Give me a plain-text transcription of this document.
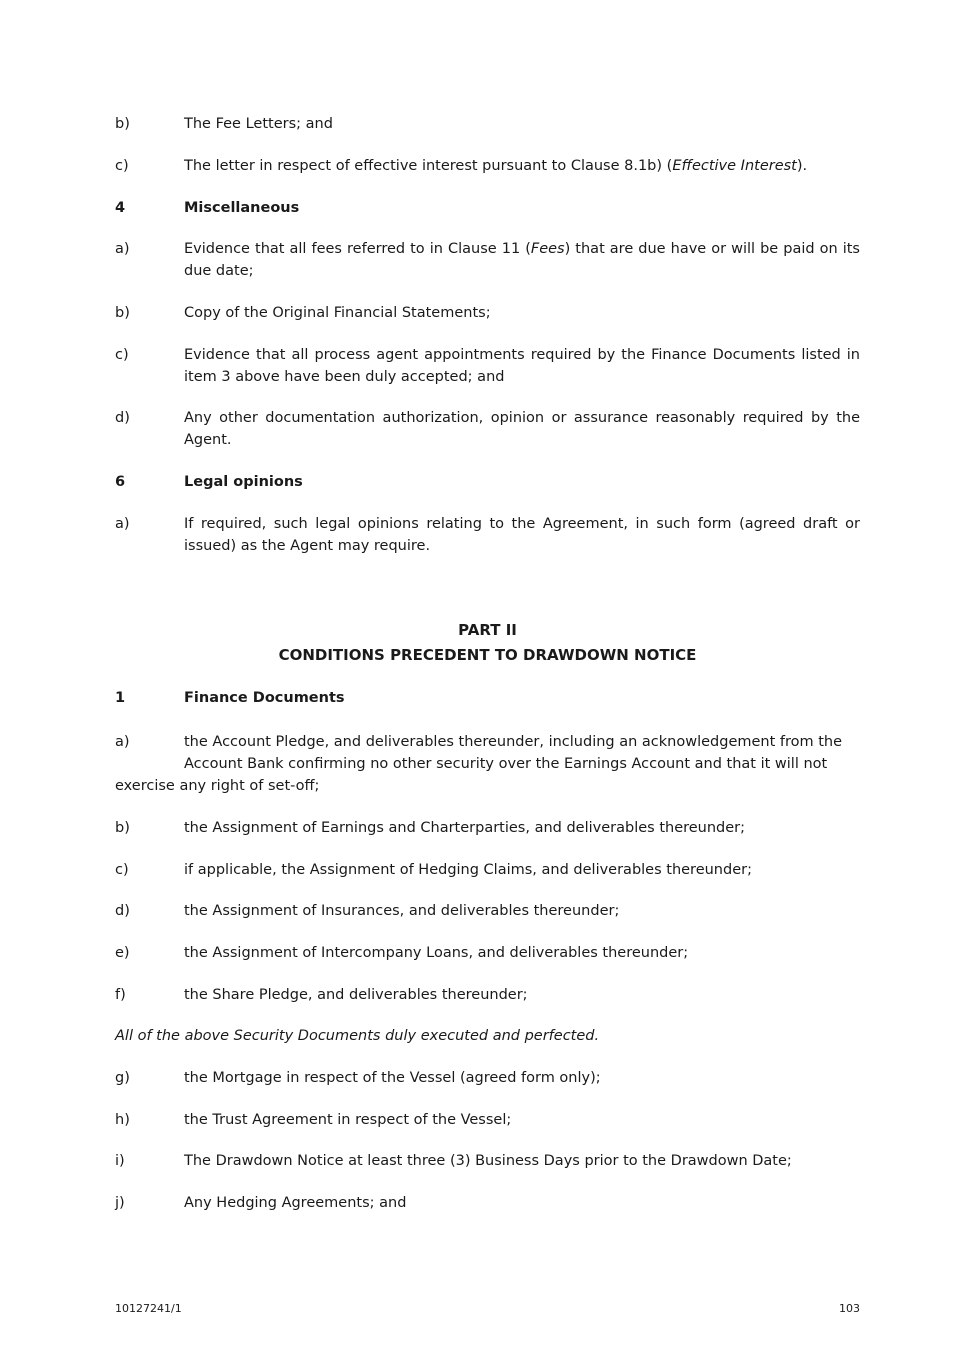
b)	The Fee Letters; and
c)	The letter in respect of effective interest pursuant to Clause 8.1b) (Effective Interest).
4	Miscellaneous
a)	Evidence that all fees referred to in Clause 11 (Fees) that are due have or will be paid on its due date;
b)	Copy of the Original Financial Statements;
c)	Evidence that all process agent appointments required by the Finance Documents listed in item 3 above have been duly accepted; and
d)	Any other documentation authorization, opinion or assurance reasonably required by the Agent.
6	Legal opinions
a)	If required, such legal opinions relating to the Agreement, in such form (agreed draft or issued) as the Agent may require.
PART II
CONDITIONS PRECEDENT TO DRAWDOWN NOTICE
1	Finance Documents
a)	the Account Pledge, and deliverables thereunder, including an acknowledgement from the
Account Bank confirming no other security over the Earnings Account and that it will not
exercise any right of set-off;
b)	the Assignment of Earnings and Charterparties, and deliverables thereunder;
c)	if applicable, the Assignment of Hedging Claims, and deliverables thereunder;
d)	the Assignment of Insurances, and deliverables thereunder;
e)	the Assignment of Intercompany Loans, and deliverables thereunder;
f)	the Share Pledge, and deliverables thereunder;
All of the above Security Documents duly executed and perfected.
g)	the Mortgage in respect of the Vessel (agreed form only);
h)	the Trust Agreement in respect of the Vessel;
i)	The Drawdown Notice at least three (3) Business Days prior to the Drawdown Date;
j)	Any Hedging Agreements; and
10127241/1	103
